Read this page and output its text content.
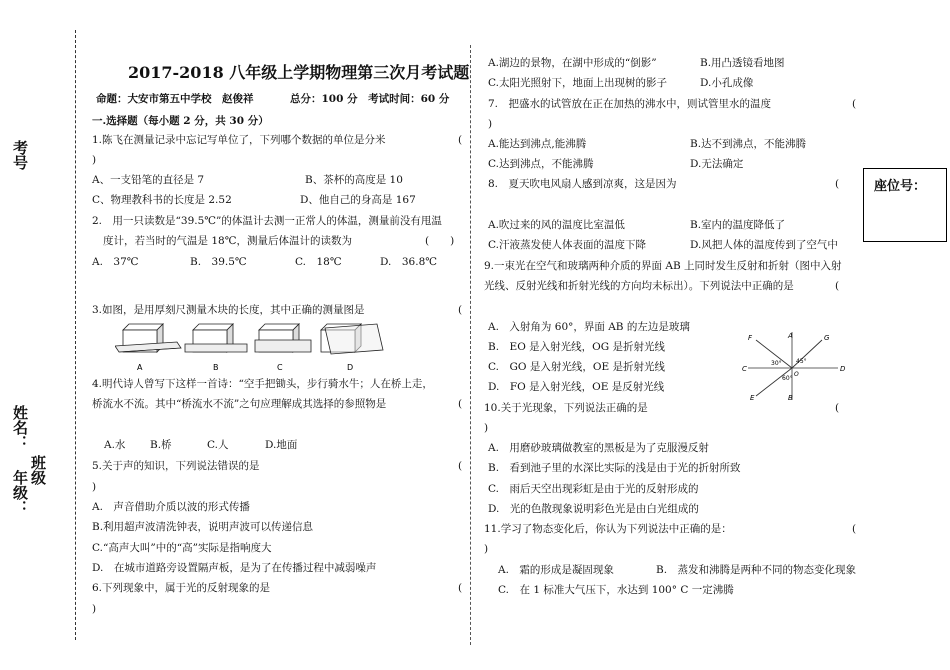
考号
姓名：
年级： 班级
2017-2018 八年级上学期物理第三次月考试题
命题：大安市第五中学校　赵俊祥	总分：100 分　考试时间：60 分
一.选择题（每小题 2 分，共 30 分）
1.陈飞在测量记录中忘记写单位了，下列哪个数据的单位是分米	(
)
A、一支铅笔的直径是 7	B、茶杯的高度是 10
C、物理教科书的长度是 2.52	D、他自己的身高是 167
2.　用一只读数是“39.5℃”的体温计去测一正常人的体温，测量前没有甩温
度计，若当时的气温是 18℃，测量后体温计的读数为	(　　)
A.　37℃	B.　39.5℃	C.　18℃	D.　36.8℃
3.如图，是用厚刻尺测量木块的长度，其中正确的测量图是	(
A	B	C	D
4.明代诗人曾写下这样一首诗：“空手把锄头，步行骑水牛；人在桥上走，
桥流水不流。其中“桥流水不流”之句应理解成其选择的参照物是	(
A.水 B.桥	C.人	D.地面
5.关于声的知识，下列说法错误的是	(
)
A.　声音借助介质以波的形式传播
B.利用超声波清洗钟表，说明声波可以传递信息
C.“高声大叫”中的“高”实际是指响度大
D.　在城市道路旁设置隔声板，是为了在传播过程中减弱噪声
6.下列现象中，属于光的反射现象的是	(
)
A.湖边的景物，在湖中形成的“倒影”	B.用凸透镜看地图
C.太阳光照射下，地面上出现树的影子	D.小孔成像
7.　把盛水的试管放在正在加热的沸水中，则试管里水的温度	(
)
A.能达到沸点,能沸腾	B.达不到沸点，不能沸腾
C.达到沸点，不能沸腾	D.无法确定
8.　夏天吹电风扇人感到凉爽，这是因为	(
A.吹过来的风的温度比室温低	B.室内的温度降低了
C.汗液蒸发使人体表面的温度下降	D.风把人体的温度传到了空气中
9.一束光在空气和玻璃两种介质的界面 AB 上同时发生反射和折射（图中入射
光线、反射光线和折射光线的方向均未标出）。下列说法中正确的是	(
A.　入射角为 60°，界面 AB 的左边是玻璃
B.　EO 是入射光线，OG 是折射光线
C.　GO 是入射光线，OE 是折射光线
D.　FO 是入射光线，OE 是反射光线
F	A	G
C	D
E	B
O
30° 45°
60°
10.关于光现象，下列说法正确的是	(
)
A.　用磨砂玻璃做教室的黑板是为了克服漫反射
B.　看到池子里的水深比实际的浅是由于光的折射所致
C.　雨后天空出现彩虹是由于光的反射形成的
D.　光的色散现象说明彩色光是由白光组成的
11.学习了物态变化后，你认为下列说法中正确的是：	(
)
A.　霜的形成是凝固现象	B.　蒸发和沸腾是两种不同的物态变化现象
C.　在 1 标准大气压下，水达到 100° C 一定沸腾
座位号：
